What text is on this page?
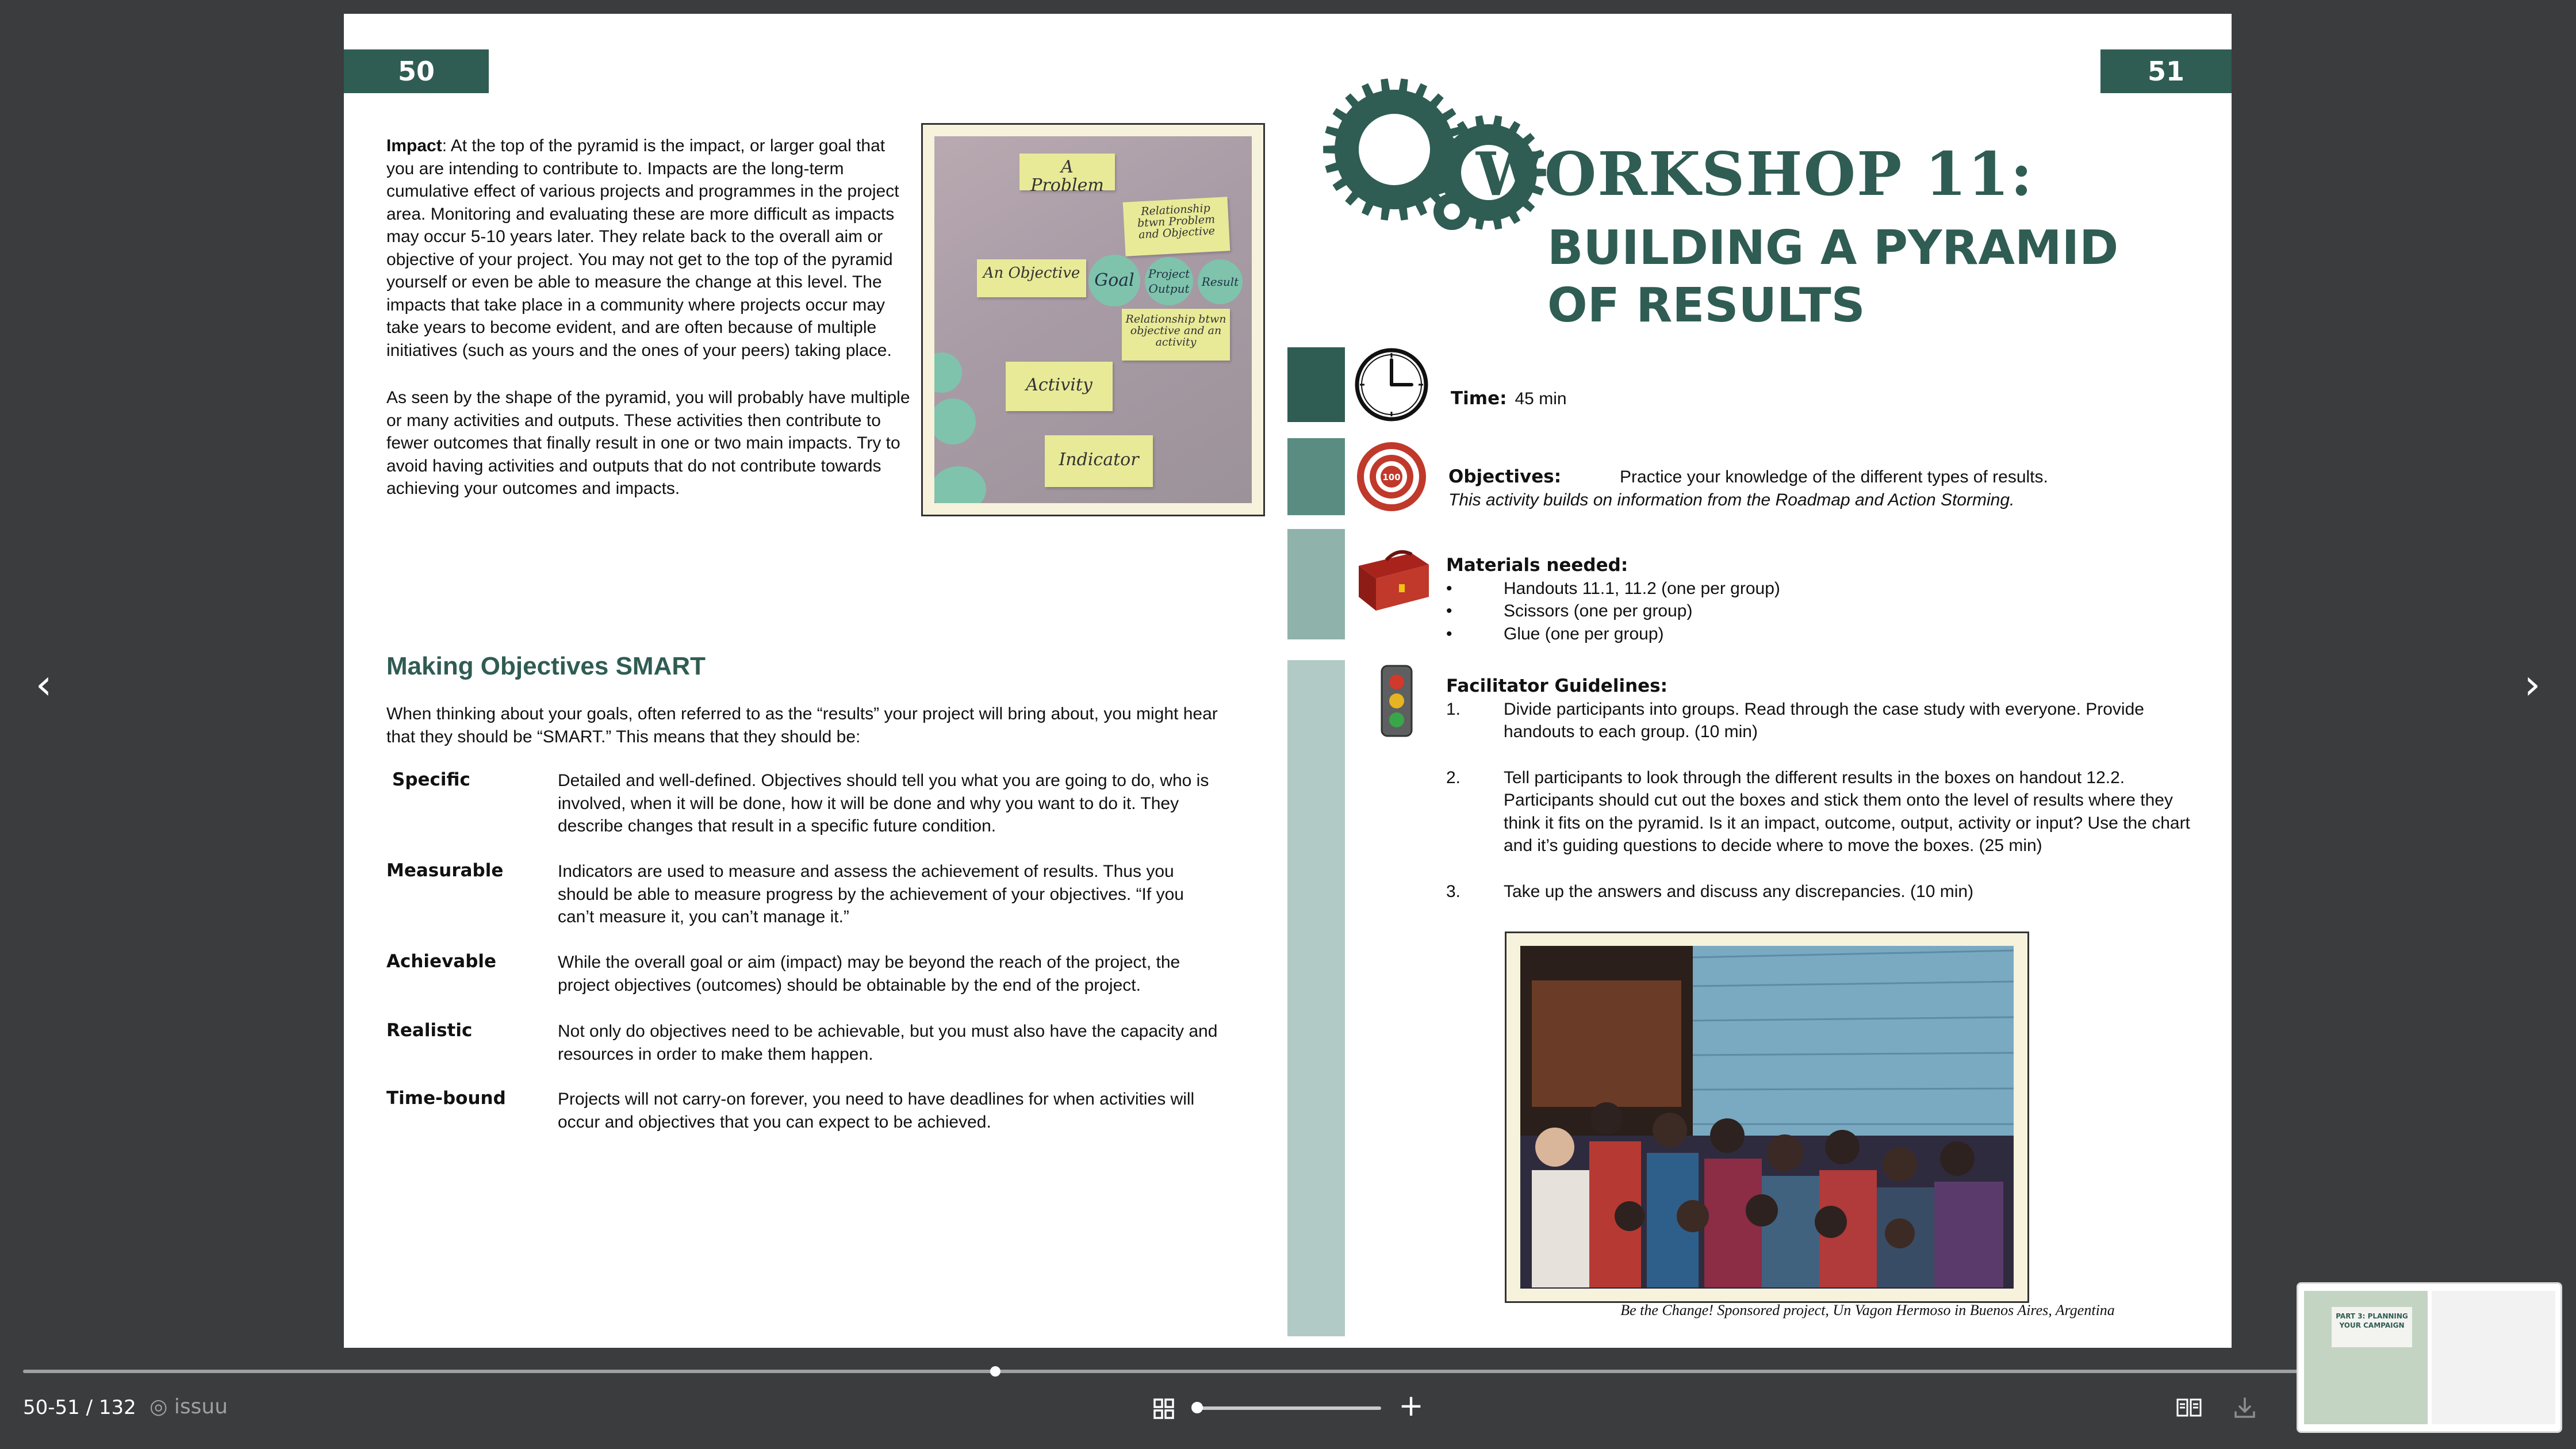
‹	›
50

Impact: At the top of the pyramid is the impact, or larger goal that you are intending to contribute to. Impacts are the long-term cumulative effect of various projects and programmes in the project area. Monitoring and evaluating these are more difficult as impacts may occur 5-10 years later. They relate back to the overall aim or objective of your project. You may not get to the top of the pyramid yourself or even be able to measure the change at this level. The impacts that take place in a community where projects occur may take years to become evident, and are often because of multiple initiatives (such as yours and the ones of your peers) taking place.

As seen by the shape of the pyramid, you will probably have multiple or many activities and outputs. These activities then contribute to fewer outcomes that finally result in one or two main impacts. Try to avoid having activities and outputs that do not contribute towards achieving your outcomes and impacts.

A Problem
Relationship btwn Problem and Objective
An Objective Goal	Project Output	Result
Relationship btwn objective and an activity
Activity
Indicator
Making Objectives SMART

When thinking about your goals, often referred to as the “results” your project will bring about, you might hear that they should be “SMART.” This means that they should be:

Specific	Detailed and well-defined. Objectives should tell you what you are going to do, who is involved, when it will be done, how it will be done and why you want to do it. They describe changes that result in a specific future condition.

Measurable	Indicators are used to measure and assess the achievement of results. Thus you should be able to measure progress by the achievement of your objectives. “If you can’t measure it, you can’t manage it.”

Achievable	While the overall goal or aim (impact) may be beyond the reach of the project, the project objectives (outcomes) should be obtainable by the end of the project.

Realistic	Not only do objectives need to be achievable, but you must also have the capacity and resources in order to make them happen.

Time-bound	Projects will not carry-on forever, you need to have deadlines for when activities will occur and objectives that you can expect to be achieved.

51
WORKSHOP 11:
BUILDING A PYRAMID
OF RESULTS
100
Time: 45 min
Objectives:	Practice your knowledge of the different types of results.
This activity builds on information from the Roadmap and Action Storming.
Materials needed:
•	Handouts 11.1, 11.2 (one per group)
•	Scissors (one per group)
•	Glue (one per group)
Facilitator Guidelines:
1. Divide participants into groups. Read through the case study with everyone. Provide handouts to each group. (10 min)
2. Tell participants to look through the different results in the boxes on handout 12.2. Participants should cut out the boxes and stick them onto the level of results where they think it fits on the pyramid. Is it an impact, outcome, output, activity or input? Use the chart and it’s guiding questions to decide where to move the boxes. (25 min)
3. Take up the answers and discuss any discrepancies. (10 min)
Be the Change! Sponsored project, Un Vagon Hermoso in Buenos Aires, Argentina
50-51 / 132 ◎ issuu	+
PART 3: PLANNING YOUR CAMPAIGN
